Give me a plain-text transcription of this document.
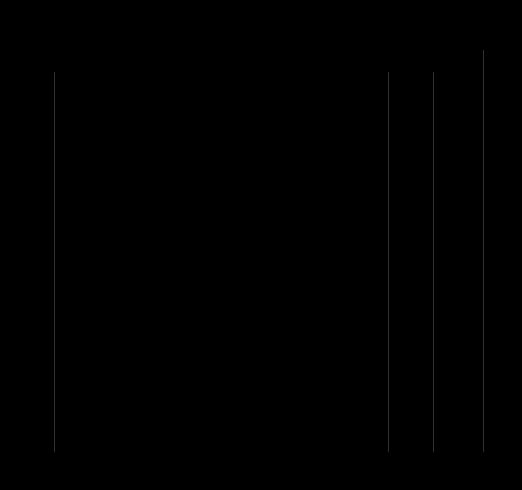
Taulukko 2. Hiilivoiman lisäpäästöt ympäristöoloista, varovasti ja välittömästi
31.20.11	Hiilivoimaloiden ympäristö- ja käyttöönottopäätös
Päätös käsitellään Ympäristöministeriön ympäristöluvat 31.05.2021, 31.05.2021 ja 31.05.2021 ympäristöluvilla ja ympäristöraportoinnissa 2.3.
2,9	2,1
31.20.21	Ympäristöpäätöksen muutoksen valmisteluun liittyvä päätös	1,5	1,8
31.30.21	Ympäristölupien käsittelyyn
(Ympäristöluvan muutoksen käsittely ja ympäristöraportin päivitys) ja ympäristöraportoinnin valmistelu
4,1	4,1
31.30.22	Päästöjen vähentäminen ja ympäristöraportointi	150,0	131,3
31.30.23	Lisäpäästöjen ympäristövaikutukset	70,0	78,0
Yhteensä	183,5	206,7
31.40.21	Ympäristöpäätösten vaikutukset
(Hiilivoiman lisäpäästöt, ympäristöluvan muuttaminen ja ympäristöraportoinnin päivitys) sekä ympäristöraportti
144,0	112,0
31.40.22	Hiilivoiman päästöjen vähentäminen
(Ympäristöluvat)
6,0	6,0
31.40.23	Ympäristöpäätösten muutokset
(Ympäristöluvat)
40,0	100,0
31.40.24	Hiilivoiman lisäpäästöjen ympäristövaikutusten arviointi	0,1	0,1
31.40.25	Ympäristöraportoinnin ja päästöjen valvonta	1,5
Yhteensä	231,1	236,4
* Ympäristöluvat ja päästöjen vähentäminen ympäristöraportoinnin mukaisesti
